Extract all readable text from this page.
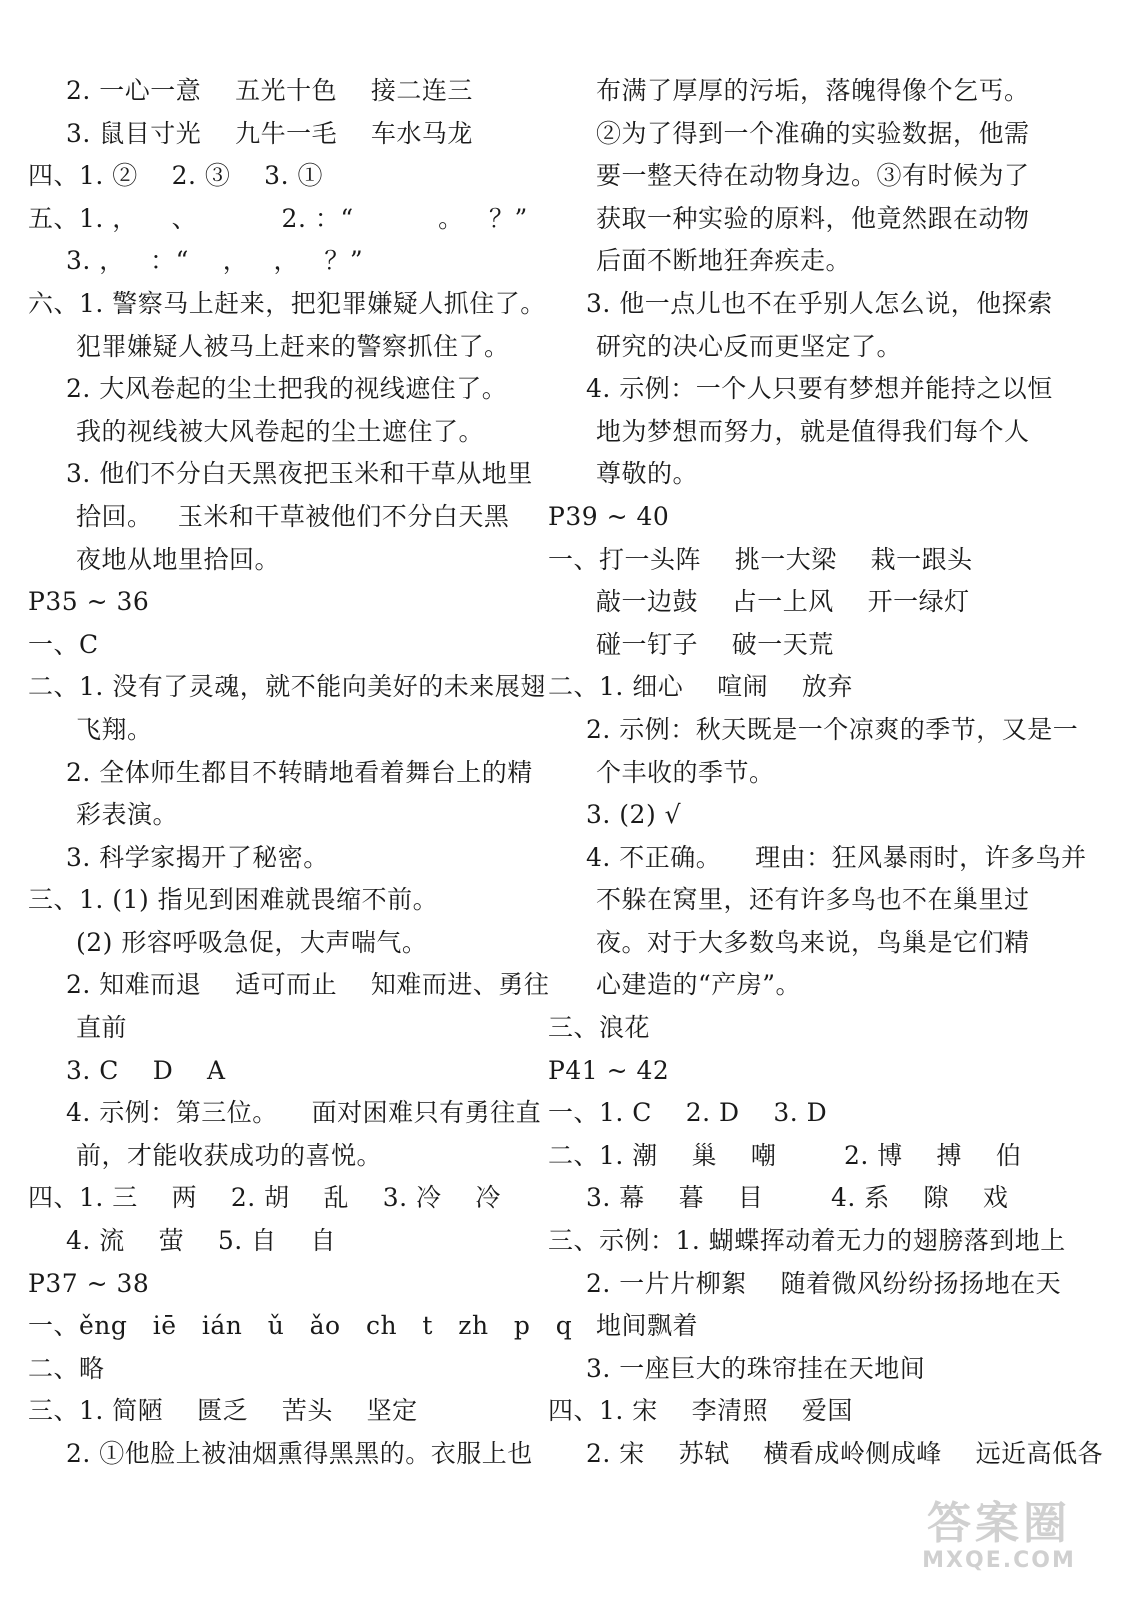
2. 一心一意    五光十色    接二连三
3. 鼠目寸光    九牛一毛    车水马龙
四、1. ②    2. ③    3. ①
五、1. ，    、          2. ：“          。   ？”
3. ，   ：“    ，   ，   ？”
六、1. 警察马上赶来，把犯罪嫌疑人抓住了。
犯罪嫌疑人被马上赶来的警察抓住了。
2. 大风卷起的尘土把我的视线遮住了。
我的视线被大风卷起的尘土遮住了。
3. 他们不分白天黑夜把玉米和干草从地里
拾回。   玉米和干草被他们不分白天黑
夜地从地里拾回。
P35 ~ 36
一、C
二、1. 没有了灵魂，就不能向美好的未来展翅
飞翔。
2. 全体师生都目不转睛地看着舞台上的精
彩表演。
3. 科学家揭开了秘密。
三、1. (1) 指见到困难就畏缩不前。
(2) 形容呼吸急促，大声喘气。
2. 知难而退    适可而止    知难而进、勇往
直前
3. C    D    A
4. 示例：第三位。    面对困难只有勇往直
前，才能收获成功的喜悦。
四、1. 三    两    2. 胡    乱    3. 冷    冷
4. 流    萤    5. 自    自
P37 ~ 38
一、ěng   iē   ián   ǔ   ǎo   ch   t   zh   p   q
二、略
三、1. 简陋    匮乏    苦头    坚定
2. ①他脸上被油烟熏得黑黑的。衣服上也
布满了厚厚的污垢，落魄得像个乞丐。
②为了得到一个准确的实验数据，他需
要一整天待在动物身边。③有时候为了
获取一种实验的原料，他竟然跟在动物
后面不断地狂奔疾走。
3. 他一点儿也不在乎别人怎么说，他探索
研究的决心反而更坚定了。
4. 示例：一个人只要有梦想并能持之以恒
地为梦想而努力，就是值得我们每个人
尊敬的。
P39 ~ 40
一、打一头阵    挑一大梁    栽一跟头
敲一边鼓    占一上风    开一绿灯
碰一钉子    破一天荒
二、1. 细心    喧闹    放弃
2. 示例：秋天既是一个凉爽的季节，又是一
个丰收的季节。
3. (2) √
4. 不正确。    理由：狂风暴雨时，许多鸟并
不躲在窝里，还有许多鸟也不在巢里过
夜。对于大多数鸟来说，鸟巢是它们精
心建造的“产房”。
三、浪花
P41 ~ 42
一、1. C    2. D    3. D
二、1. 潮    巢    嘲        2. 博    搏    伯
3. 幕    暮    目        4. 系    隙    戏
三、示例：1. 蝴蝶挥动着无力的翅膀落到地上
2. 一片片柳絮    随着微风纷纷扬扬地在天
地间飘着
3. 一座巨大的珠帘挂在天地间
四、1. 宋    李清照    爱国
2. 宋    苏轼    横看成岭侧成峰    远近高低各
答案圈
MXQE.COM
